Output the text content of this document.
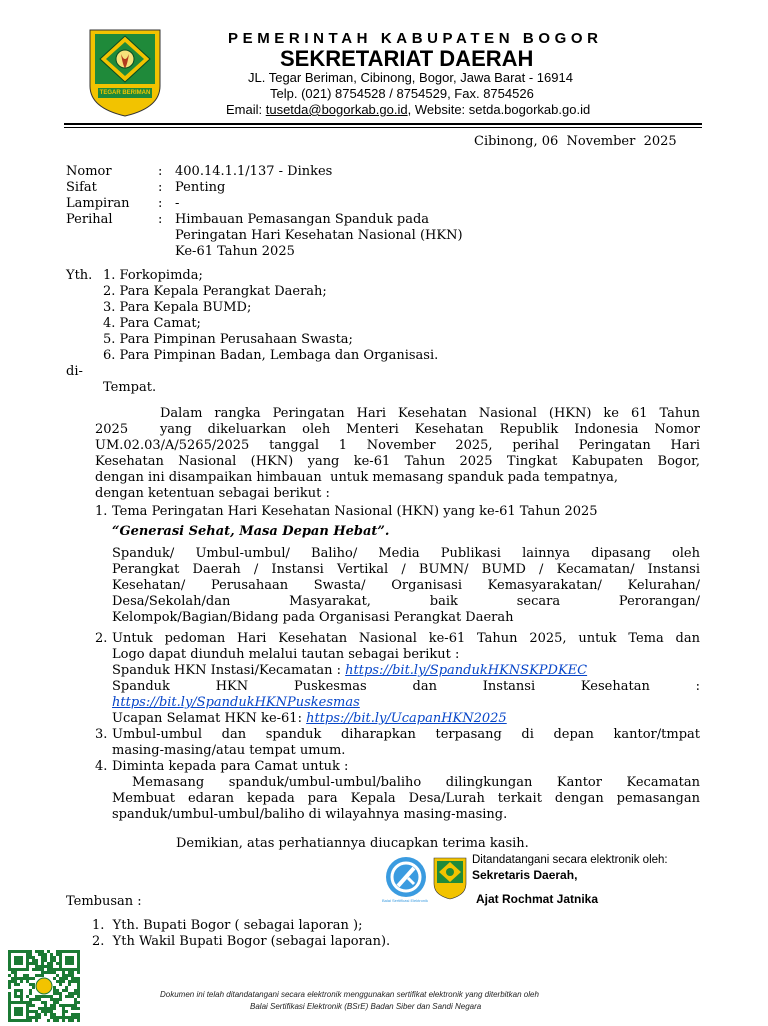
TEGAR BERIMAN
PEMERINTAH KABUPATEN BOGOR
SEKRETARIAT DAERAH
JL. Tegar Beriman, Cibinong, Bogor, Jawa Barat - 16914
Telp. (021) 8754528 / 8754529, Fax. 8754526
Email: tusetda@bogorkab.go.id, Website: setda.bogorkab.go.id
Cibinong, 06  November  2025
Nomor	: 400.14.1.1/137 - Dinkes
Sifat	: Penting
Lampiran : -
Perihal	: Himbauan Pemasangan Spanduk pada
Peringatan Hari Kesehatan Nasional (HKN)
Ke-61 Tahun 2025
Yth. 1. Forkopimda;
2. Para Kepala Perangkat Daerah;
3. Para Kepala BUMD;
4. Para Camat;
5. Para Pimpinan Perusahaan Swasta;
6. Para Pimpinan Badan, Lembaga dan Organisasi.
di-
Tempat.
Dalam rangka Peringatan Hari Kesehatan Nasional (HKN) ke 61 Tahun
2025  yang dikeluarkan oleh Menteri Kesehatan Republik Indonesia Nomor
UM.02.03/A/5265/2025 tanggal 1 November 2025, perihal Peringatan Hari
Kesehatan Nasional (HKN) yang ke-61 Tahun 2025 Tingkat Kabupaten Bogor,
dengan ini disampaikan himbauan  untuk memasang spanduk pada tempatnya,
dengan ketentuan sebagai berikut :
1. Tema Peringatan Hari Kesehatan Nasional (HKN) yang ke-61 Tahun 2025
“Generasi Sehat, Masa Depan Hebat”.
Spanduk/ Umbul-umbul/ Baliho/ Media Publikasi lainnya dipasang oleh
Perangkat Daerah / Instansi Vertikal / BUMN/ BUMD / Kecamatan/ Instansi
Kesehatan/ Perusahaan Swasta/ Organisasi Kemasyarakatan/ Kelurahan/
Desa/Sekolah/dan          Masyarakat,          baik          secara          Perorangan/
Kelompok/Bagian/Bidang pada Organisasi Perangkat Daerah
2. Untuk pedoman Hari Kesehatan Nasional ke-61 Tahun 2025, untuk Tema dan
Logo dapat diunduh melalui tautan sebagai berikut :
Spanduk HKN Instasi/Kecamatan : https://bit.ly/SpandukHKNSKPDKEC
Spanduk          HKN          Puskesmas          dan          Instansi          Kesehatan          :
https://bit.ly/SpandukHKNPuskesmas
Ucapan Selamat HKN ke-61: https://bit.ly/UcapanHKN2025
3. Umbul-umbul dan spanduk diharapkan terpasang di depan kantor/tmpat
masing-masing/atau tempat umum.
4. Diminta kepada para Camat untuk :
Memasang spanduk/umbul-umbul/baliho dilingkungan Kantor Kecamatan
Membuat edaran kepada para Kepala Desa/Lurah terkait dengan pemasangan
spanduk/umbul-umbul/baliho di wilayahnya masing-masing.
Demikian, atas perhatiannya diucapkan terima kasih.
Balai Sertifikasi Elektronik
Ditandatangani secara elektronik oleh:
Sekretaris Daerah,
Ajat Rochmat Jatnika
Tembusan :
1.  Yth. Bupati Bogor ( sebagai laporan );
2.  Yth Wakil Bupati Bogor (sebagai laporan).
Dokumen ini telah ditandatangani secara elektronik menggunakan sertifikat elektronik yang diterbitkan oleh
Balai Sertifikasi Elektronik (BSrE) Badan Siber dan Sandi Negara
